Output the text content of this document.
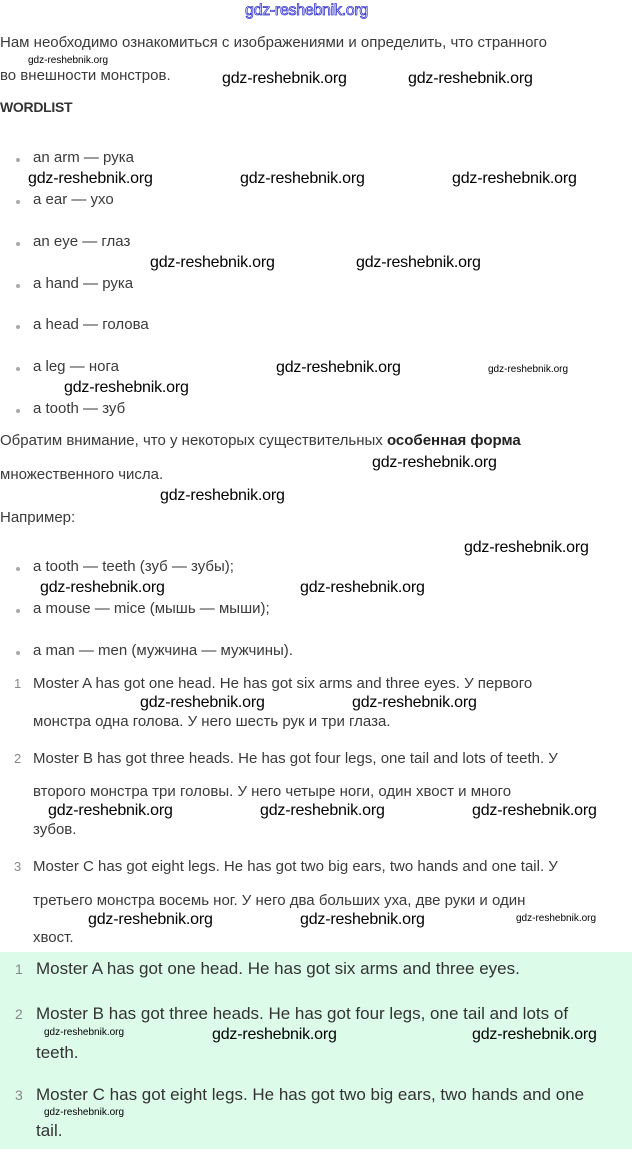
Нам необходимо ознакомиться с изображениями и определить, что странного
во внешности монстров.
WORDLIST
an arm — рука
a ear — ухо
an eye — глаз
a hand — рука
a head — голова
a leg — нога
a tooth — зуб
Обратим внимание, что у некоторых существительных особенная форма
множественного числа.
Например:
a tooth — teeth (зуб — зубы);
a mouse — mice (мышь — мыши);
a man — men (мужчина — мужчины).
1 Moster A has got one head. He has got six arms and three eyes. У первого
монстра одна голова. У него шесть рук и три глаза.
2 Moster B has got three heads. He has got four legs, one tail and lots of teeth. У
второго монстра три головы. У него четыре ноги, один хвост и много
зубов.
3 Moster C has got eight legs. He has got two big ears, two hands and one tail. У
третьего монстра восемь ног. У него два больших уха, две руки и один
хвост.
1 Moster A has got one head. He has got six arms and three eyes.
2 Moster B has got three heads. He has got four legs, one tail and lots of
teeth.
3 Moster C has got eight legs. He has got two big ears, two hands and one
tail.
gdz-reshebnik.org
gdz-reshebnik.org
gdz-reshebnik.org	gdz-reshebnik.org
gdz-reshebnik.org	gdz-reshebnik.org	gdz-reshebnik.org
gdz-reshebnik.org	gdz-reshebnik.org
gdz-reshebnik.org	gdz-reshebnik.org
gdz-reshebnik.org
gdz-reshebnik.org
gdz-reshebnik.org
gdz-reshebnik.org
gdz-reshebnik.org	gdz-reshebnik.org
gdz-reshebnik.org	gdz-reshebnik.org
gdz-reshebnik.org	gdz-reshebnik.org	gdz-reshebnik.org
gdz-reshebnik.org	gdz-reshebnik.org	gdz-reshebnik.org
gdz-reshebnik.org	gdz-reshebnik.org	gdz-reshebnik.org
gdz-reshebnik.org
